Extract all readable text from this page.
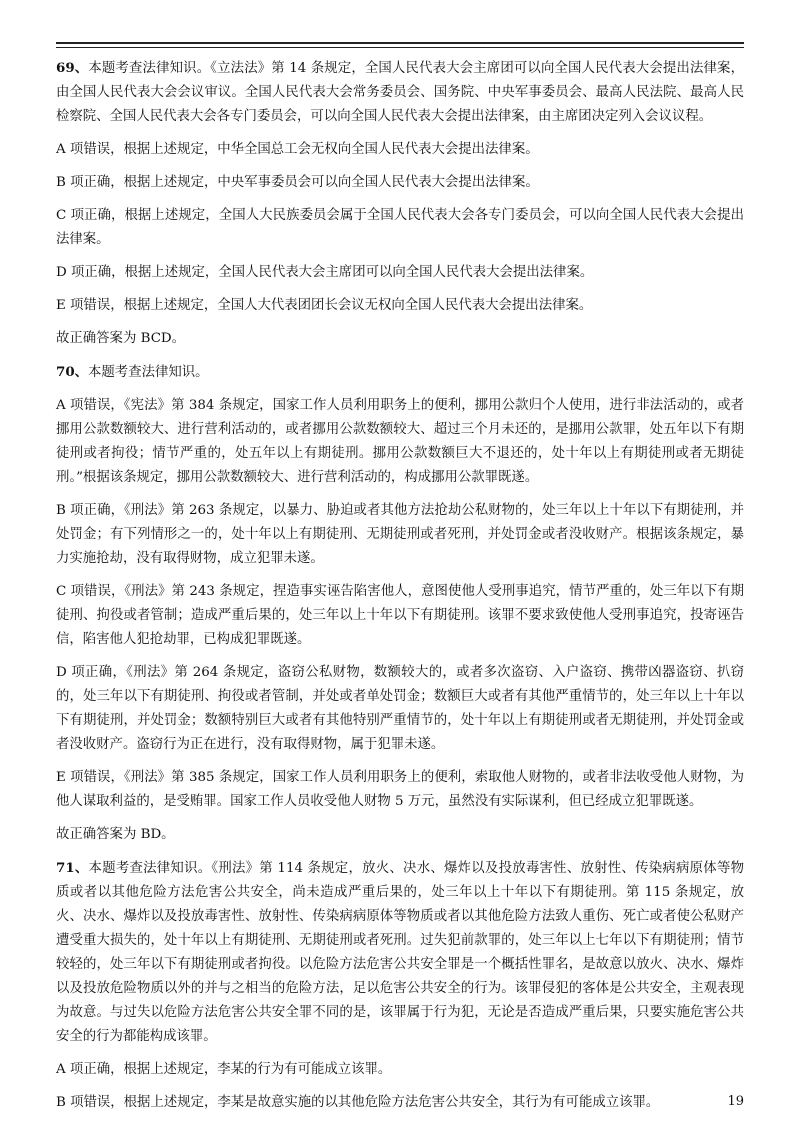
69、本题考查法律知识。《立法法》第 14 条规定，全国人民代表大会主席团可以向全国人民代表大会提出法律案，由全国人民代表大会会议审议。全国人民代表大会常务委员会、国务院、中央军事委员会、最高人民法院、最高人民检察院、全国人民代表大会各专门委员会，可以向全国人民代表大会提出法律案，由主席团决定列入会议议程。

A 项错误，根据上述规定，中华全国总工会无权向全国人民代表大会提出法律案。

B 项正确，根据上述规定，中央军事委员会可以向全国人民代表大会提出法律案。

C 项正确，根据上述规定，全国人大民族委员会属于全国人民代表大会各专门委员会，可以向全国人民代表大会提出法律案。

D 项正确，根据上述规定，全国人民代表大会主席团可以向全国人民代表大会提出法律案。

E 项错误，根据上述规定，全国人大代表团团长会议无权向全国人民代表大会提出法律案。

故正确答案为 BCD。

70、本题考查法律知识。

A 项错误，《宪法》第 384 条规定，国家工作人员利用职务上的便利，挪用公款归个人使用，进行非法活动的，或者挪用公款数额较大、进行营利活动的，或者挪用公款数额较大、超过三个月未还的，是挪用公款罪，处五年以下有期徒刑或者拘役；情节严重的，处五年以上有期徒刑。挪用公款数额巨大不退还的，处十年以上有期徒刑或者无期徒刑。”根据该条规定，挪用公款数额较大、进行营利活动的，构成挪用公款罪既遂。

B 项正确，《刑法》第 263 条规定，以暴力、胁迫或者其他方法抢劫公私财物的，处三年以上十年以下有期徒刑，并处罚金；有下列情形之一的，处十年以上有期徒刑、无期徒刑或者死刑，并处罚金或者没收财产。根据该条规定，暴力实施抢劫，没有取得财物，成立犯罪未遂。

C 项错误，《刑法》第 243 条规定，捏造事实诬告陷害他人，意图使他人受刑事追究，情节严重的，处三年以下有期徒刑、拘役或者管制；造成严重后果的，处三年以上十年以下有期徒刑。该罪不要求致使他人受刑事追究，投寄诬告信，陷害他人犯抢劫罪，已构成犯罪既遂。

D 项正确，《刑法》第 264 条规定，盗窃公私财物，数额较大的，或者多次盗窃、入户盗窃、携带凶器盗窃、扒窃的，处三年以下有期徒刑、拘役或者管制，并处或者单处罚金；数额巨大或者有其他严重情节的，处三年以上十年以下有期徒刑，并处罚金；数额特别巨大或者有其他特别严重情节的，处十年以上有期徒刑或者无期徒刑，并处罚金或者没收财产。盗窃行为正在进行，没有取得财物，属于犯罪未遂。

E 项错误，《刑法》第 385 条规定，国家工作人员利用职务上的便利，索取他人财物的，或者非法收受他人财物，为他人谋取利益的，是受贿罪。国家工作人员收受他人财物 5 万元，虽然没有实际谋利，但已经成立犯罪既遂。

故正确答案为 BD。

71、本题考查法律知识。《刑法》第 114 条规定，放火、决水、爆炸以及投放毒害性、放射性、传染病病原体等物质或者以其他危险方法危害公共安全，尚未造成严重后果的，处三年以上十年以下有期徒刑。第 115 条规定，放火、决水、爆炸以及投放毒害性、放射性、传染病病原体等物质或者以其他危险方法致人重伤、死亡或者使公私财产遭受重大损失的，处十年以上有期徒刑、无期徒刑或者死刑。过失犯前款罪的，处三年以上七年以下有期徒刑；情节较轻的，处三年以下有期徒刑或者拘役。以危险方法危害公共安全罪是一个概括性罪名，是故意以放火、决水、爆炸以及投放危险物质以外的并与之相当的危险方法，足以危害公共安全的行为。该罪侵犯的客体是公共安全，主观表现为故意。与过失以危险方法危害公共安全罪不同的是，该罪属于行为犯，无论是否造成严重后果，只要实施危害公共安全的行为都能构成该罪。

A 项正确，根据上述规定，李某的行为有可能成立该罪。

B 项错误，根据上述规定，李某是故意实施的以其他危险方法危害公共安全，其行为有可能成立该罪。	19
